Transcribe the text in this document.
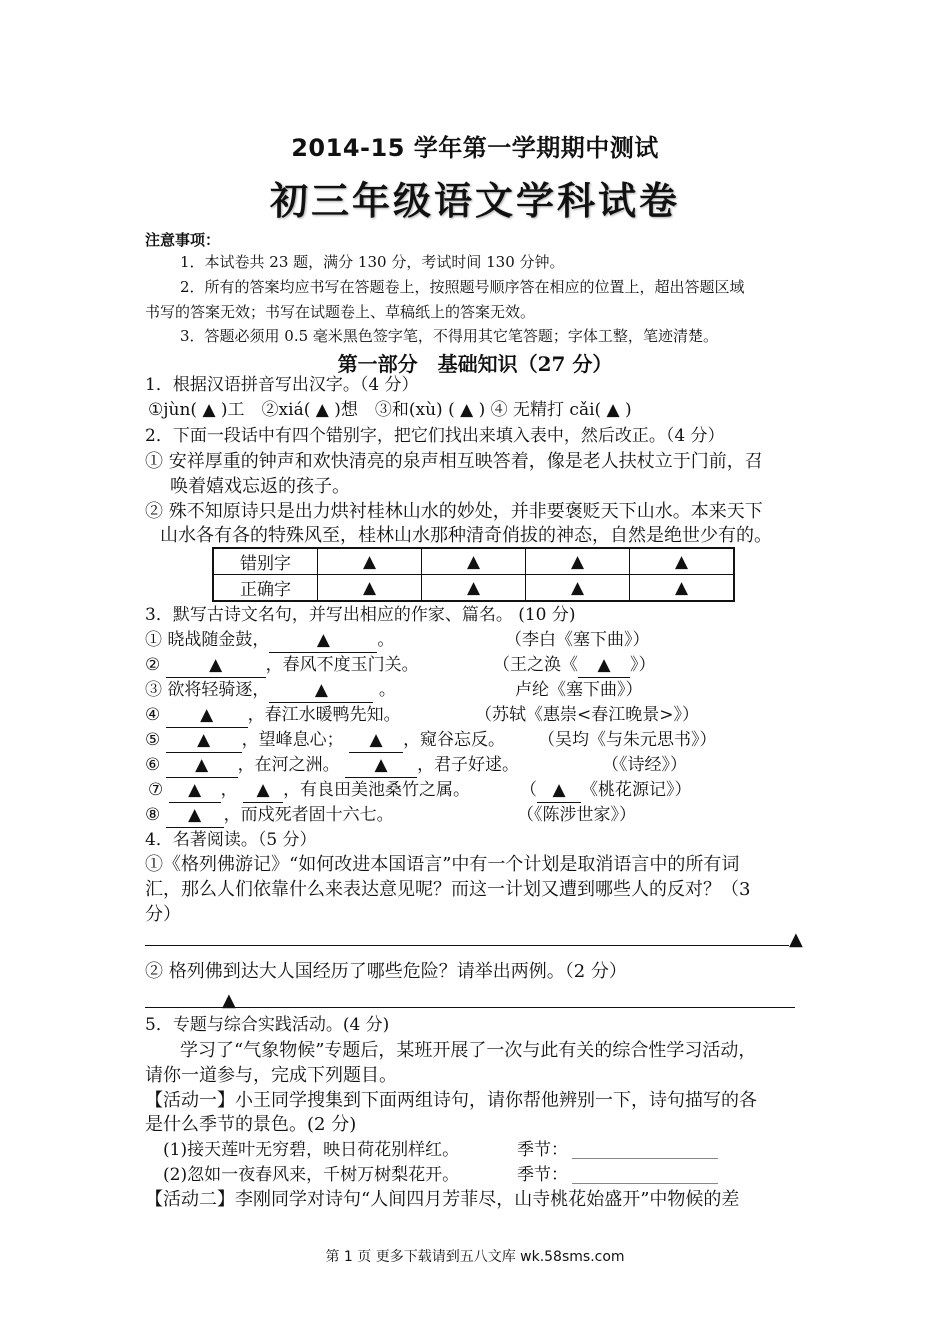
2014-15 学年第一学期期中测试
初三年级语文学科试卷
注意事项：
1．本试卷共 23 题，满分 130 分，考试时间 130 分钟。
2．所有的答案均应书写在答题卷上，按照题号顺序答在相应的位置上，超出答题区域
书写的答案无效；书写在试题卷上、草稿纸上的答案无效。
3．答题必须用 0.5 毫米黑色签字笔，不得用其它笔答题；字体工整，笔迹清楚。
第一部分　基础知识（27 分）
1．根据汉语拼音写出汉字。（4 分）
①jùn( ▲ )工　②xiá( ▲ )想　③和(xù) ( ▲ ) ④ 无精打 cǎi( ▲ )
2．下面一段话中有四个错别字，把它们找出来填入表中，然后改正。（4 分）
① 安祥厚重的钟声和欢快清亮的泉声相互映答着，像是老人扶杖立于门前，召
唤着嬉戏忘返的孩子。
② 殊不知原诗只是出力烘衬桂林山水的妙处，并非要褒贬天下山水。本来天下
山水各有各的特殊风至，桂林山水那种清奇俏拔的神态，自然是绝世少有的。
错别字	▲	▲	▲	▲
正确字	▲	▲	▲	▲
3．默写古诗文名句，并写出相应的作家、篇名。 (10 分)
① 晓战随金鼓，	▲	。	（李白《塞下曲》）
②	▲	，春风不度玉门关。	（王之涣《 ▲ 》）
③ 欲将轻骑逐，	▲	。	卢纶《塞下曲》）
④ ▲ ，春江水暖鸭先知。	（苏轼《惠崇<春江晚景>》）
⑤ ▲ ，望峰息心； ▲ ，窥谷忘反。 （吴均《与朱元思书》）
⑥ ▲ ，在河之洲。 ▲ ，君子好逑。	（《诗经》）
⑦ ▲ ， ▲ ，有良田美池桑竹之属。	（ ▲ 《桃花源记》）
⑧ ▲ ，而戍死者固十六七。	（《陈涉世家》）
4．名著阅读。（5 分）
①《格列佛游记》“如何改进本国语言”中有一个计划是取消语言中的所有词
汇，那么人们依靠什么来表达意见呢？而这一计划又遭到哪些人的反对？（3
分）
▲
② 格列佛到达大人国经历了哪些危险？请举出两例。（2 分）
▲
5．专题与综合实践活动。(4 分)
学习了“气象物候”专题后，某班开展了一次与此有关的综合性学习活动，
请你一道参与，完成下列题目。
【活动一】小王同学搜集到下面两组诗句，请你帮他辨别一下，诗句描写的各
是什么季节的景色。(2 分)
(1)接天莲叶无穷碧，映日荷花别样红。	季节：
(2)忽如一夜春风来，千树万树梨花开。	季节：
【活动二】李刚同学对诗句“人间四月芳菲尽，山寺桃花始盛开”中物候的差
第 1 页 更多下载请到五八文库 wk.58sms.com
